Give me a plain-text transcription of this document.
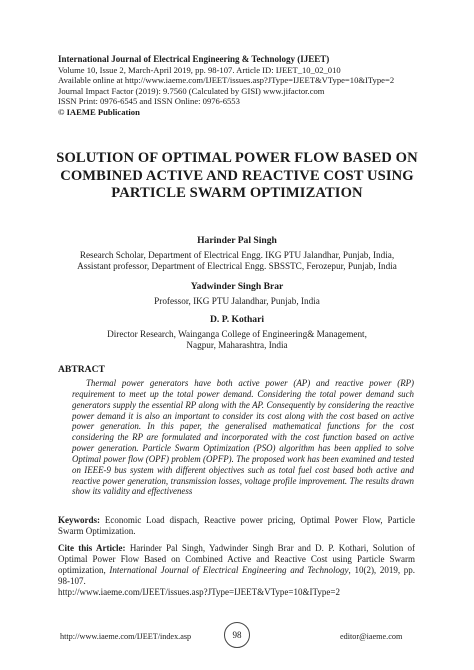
International Journal of Electrical Engineering & Technology (IJEET)
Volume 10, Issue 2, March-April 2019, pp. 98-107. Article ID: IJEET_10_02_010
Available online at http://www.iaeme.com/IJEET/issues.asp?JType=IJEET&VType=10&IType=2
Journal Impact Factor (2019): 9.7560 (Calculated by GISI) www.jifactor.com
ISSN Print: 0976-6545 and ISSN Online: 0976-6553
© IAEME Publication
SOLUTION OF OPTIMAL POWER FLOW BASED ON COMBINED ACTIVE AND REACTIVE COST USING PARTICLE SWARM OPTIMIZATION
Harinder Pal Singh
Research Scholar, Department of Electrical Engg. IKG PTU Jalandhar, Punjab, India,
Assistant professor, Department of Electrical Engg. SBSSTC, Ferozepur, Punjab, India
Yadwinder Singh Brar
Professor, IKG PTU Jalandhar, Punjab, India
D. P. Kothari
Director Research, Wainganga College of Engineering& Management,
Nagpur, Maharashtra, India
ABTRACT
Thermal power generators have both active power (AP) and reactive power (RP) requirement to meet up the total power demand. Considering the total power demand such generators supply the essential RP along with the AP. Consequently by considering the reactive power demand it is also an important to consider its cost along with the cost based on active power generation. In this paper, the generalised mathematical functions for the cost considering the RP are formulated and incorporated with the cost function based on active power generation. Particle Swarm Optimization (PSO) algorithm has been applied to solve Optimal power flow (OPF) problem (OPFP). The proposed work has been examined and tested on IEEE-9 bus system with different objectives such as total fuel cost based both active and reactive power generation, transmission losses, voltage profile improvement. The results drawn show its validity and effectiveness
Keywords: Economic Load dispach, Reactive power pricing, Optimal Power Flow, Particle Swarm Optimization.
Cite this Article: Harinder Pal Singh, Yadwinder Singh Brar and D. P. Kothari, Solution of Optimal Power Flow Based on Combined Active and Reactive Cost using Particle Swarm optimization, International Journal of Electrical Engineering and Technology, 10(2), 2019, pp. 98-107.
http://www.iaeme.com/IJEET/issues.asp?JType=IJEET&VType=10&IType=2
http://www.iaeme.com/IJEET/index.asp	98	editor@iaeme.com
